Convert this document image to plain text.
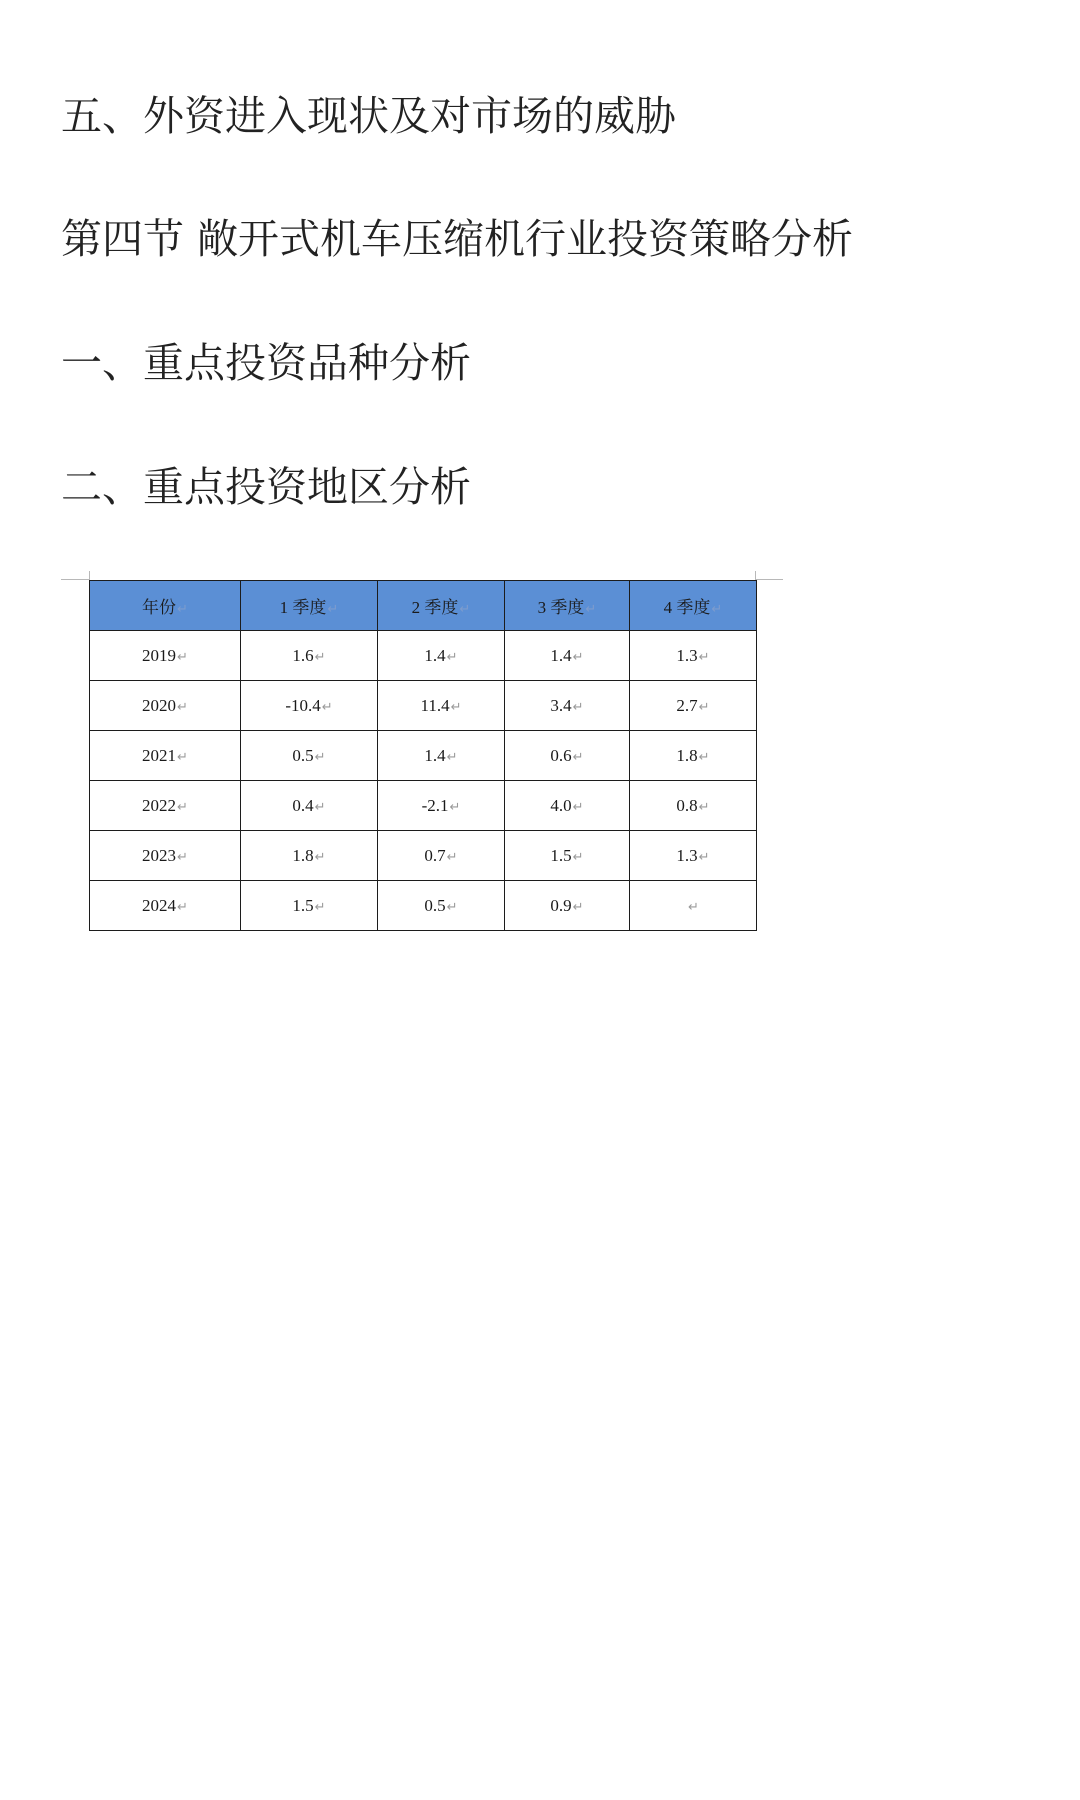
五、外资进入现状及对市场的威胁
第四节 敞开式机车压缩机行业投资策略分析
一、重点投资品种分析
二、重点投资地区分析
年份↵	1 季度↵	2 季度↵	3 季度↵	4 季度↵
2019↵	1.6↵	1.4↵	1.4↵	1.3↵
2020↵	-10.4↵	11.4↵	3.4↵	2.7↵
2021↵	0.5↵	1.4↵	0.6↵	1.8↵
2022↵	0.4↵	-2.1↵	4.0↵	0.8↵
2023↵	1.8↵	0.7↵	1.5↵	1.3↵
2024↵	1.5↵	0.5↵	0.9↵	↵
